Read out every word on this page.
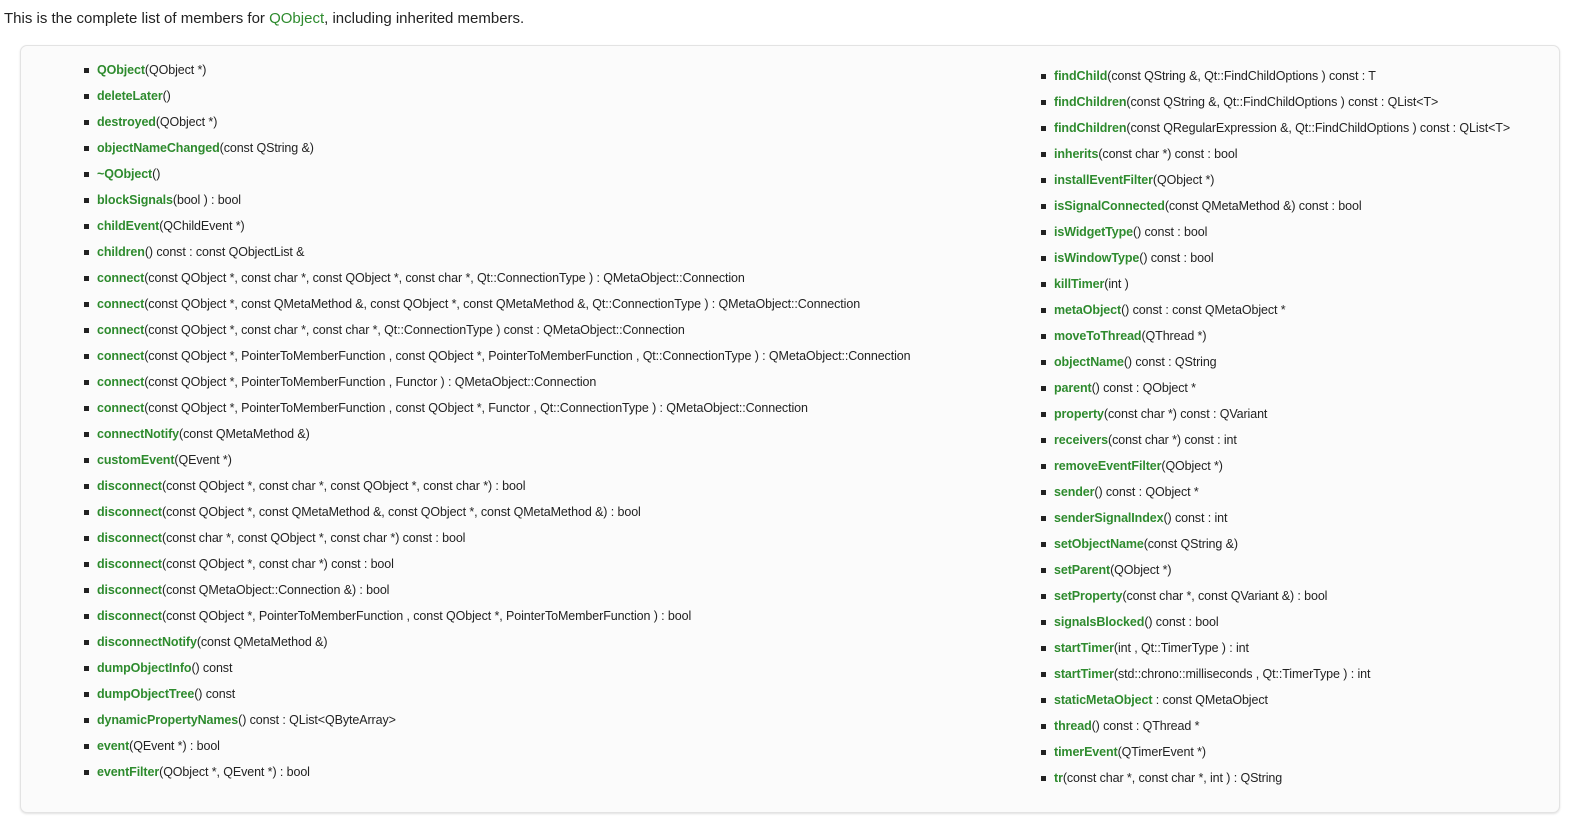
This is the complete list of members for QObject, including inherited members.
QObject(QObject *)
deleteLater()
destroyed(QObject *)
objectNameChanged(const QString &)
~QObject()
blockSignals(bool ) : bool
childEvent(QChildEvent *)
children() const : const QObjectList &
connect(const QObject *, const char *, const QObject *, const char *, Qt::ConnectionType ) : QMetaObject::Connection
connect(const QObject *, const QMetaMethod &, const QObject *, const QMetaMethod &, Qt::ConnectionType ) : QMetaObject::Connection
connect(const QObject *, const char *, const char *, Qt::ConnectionType ) const : QMetaObject::Connection
connect(const QObject *, PointerToMemberFunction , const QObject *, PointerToMemberFunction , Qt::ConnectionType ) : QMetaObject::Connection
connect(const QObject *, PointerToMemberFunction , Functor ) : QMetaObject::Connection
connect(const QObject *, PointerToMemberFunction , const QObject *, Functor , Qt::ConnectionType ) : QMetaObject::Connection
connectNotify(const QMetaMethod &)
customEvent(QEvent *)
disconnect(const QObject *, const char *, const QObject *, const char *) : bool
disconnect(const QObject *, const QMetaMethod &, const QObject *, const QMetaMethod &) : bool
disconnect(const char *, const QObject *, const char *) const : bool
disconnect(const QObject *, const char *) const : bool
disconnect(const QMetaObject::Connection &) : bool
disconnect(const QObject *, PointerToMemberFunction , const QObject *, PointerToMemberFunction ) : bool
disconnectNotify(const QMetaMethod &)
dumpObjectInfo() const
dumpObjectTree() const
dynamicPropertyNames() const : QList<QByteArray>
event(QEvent *) : bool
eventFilter(QObject *, QEvent *) : bool
findChild(const QString &, Qt::FindChildOptions ) const : T
findChildren(const QString &, Qt::FindChildOptions ) const : QList<T>
findChildren(const QRegularExpression &, Qt::FindChildOptions ) const : QList<T>
inherits(const char *) const : bool
installEventFilter(QObject *)
isSignalConnected(const QMetaMethod &) const : bool
isWidgetType() const : bool
isWindowType() const : bool
killTimer(int )
metaObject() const : const QMetaObject *
moveToThread(QThread *)
objectName() const : QString
parent() const : QObject *
property(const char *) const : QVariant
receivers(const char *) const : int
removeEventFilter(QObject *)
sender() const : QObject *
senderSignalIndex() const : int
setObjectName(const QString &)
setParent(QObject *)
setProperty(const char *, const QVariant &) : bool
signalsBlocked() const : bool
startTimer(int , Qt::TimerType ) : int
startTimer(std::chrono::milliseconds , Qt::TimerType ) : int
staticMetaObject : const QMetaObject
thread() const : QThread *
timerEvent(QTimerEvent *)
tr(const char *, const char *, int ) : QString
